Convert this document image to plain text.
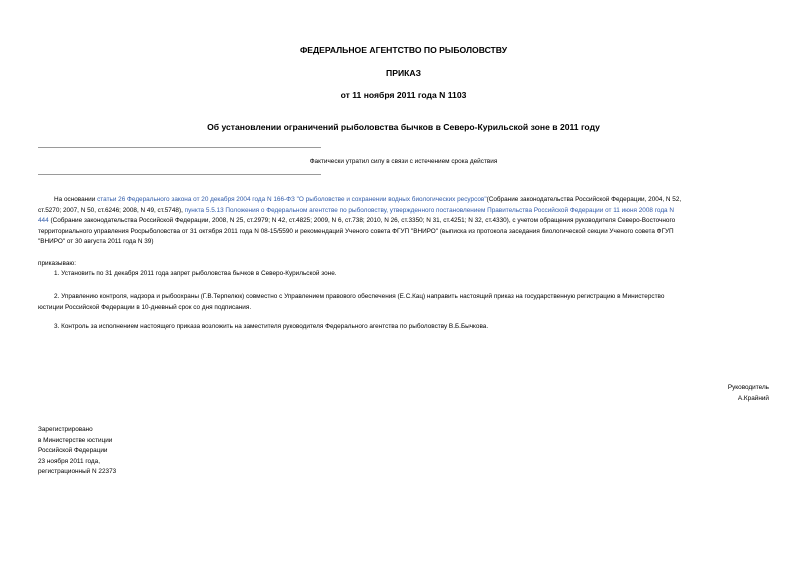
ФЕДЕРАЛЬНОЕ АГЕНТСТВО ПО РЫБОЛОВСТВУ
ПРИКАЗ
от 11 ноября 2011 года N 1103
Об установлении ограничений рыболовства бычков в Северо-Курильской зоне в 2011 году
Фактически утратил силу в связи с истечением срока действия
На основании статьи 26 Федерального закона от 20 декабря 2004 года N 166-ФЗ "О рыболовстве и сохранении водных биологических ресурсов"(Собрание законодательства Российской Федерации, 2004, N 52,
ст.5270; 2007, N 50, ст.6246; 2008, N 49, ст.5748), пункта 5.5.13 Положения о Федеральном агентстве по рыболовству, утвержденного постановлением Правительства Российской Федерации от 11 июня 2008 года N
444 (Собрание законодательства Российской Федерации, 2008, N 25, ст.2979; N 42, ст.4825; 2009, N 6, ст.738; 2010, N 26, ст.3350; N 31, ст.4251; N 32, ст.4330), с учетом обращения руководителя Северо-Восточного
территориального управления Росрыболовства от 31 октября 2011 года N 08-15/5590 и рекомендаций Ученого совета ФГУП "ВНИРО" (выписка из протокола заседания биологической секции Ученого совета ФГУП
"ВНИРО" от 30 августа 2011 года N 39)
приказываю:
1. Установить по 31 декабря 2011 года запрет рыболовства бычков в Северо-Курильской зоне.
2. Управлению контроля, надзора и рыбоохраны (Г.В.Терпелюк) совместно с Управлением правового обеспечения (Е.С.Кац) направить настоящий приказ на государственную регистрацию в Министерство
юстиции Российской Федерации в 10-дневный срок со дня подписания.
3. Контроль за исполнением настоящего приказа возложить на заместителя руководителя Федерального агентства по рыболовству В.Б.Бычкова.
Руководитель
А.Крайний
Зарегистрировано
в Министерстве юстиции
Российской Федерации
23 ноября 2011 года,
регистрационный N 22373
